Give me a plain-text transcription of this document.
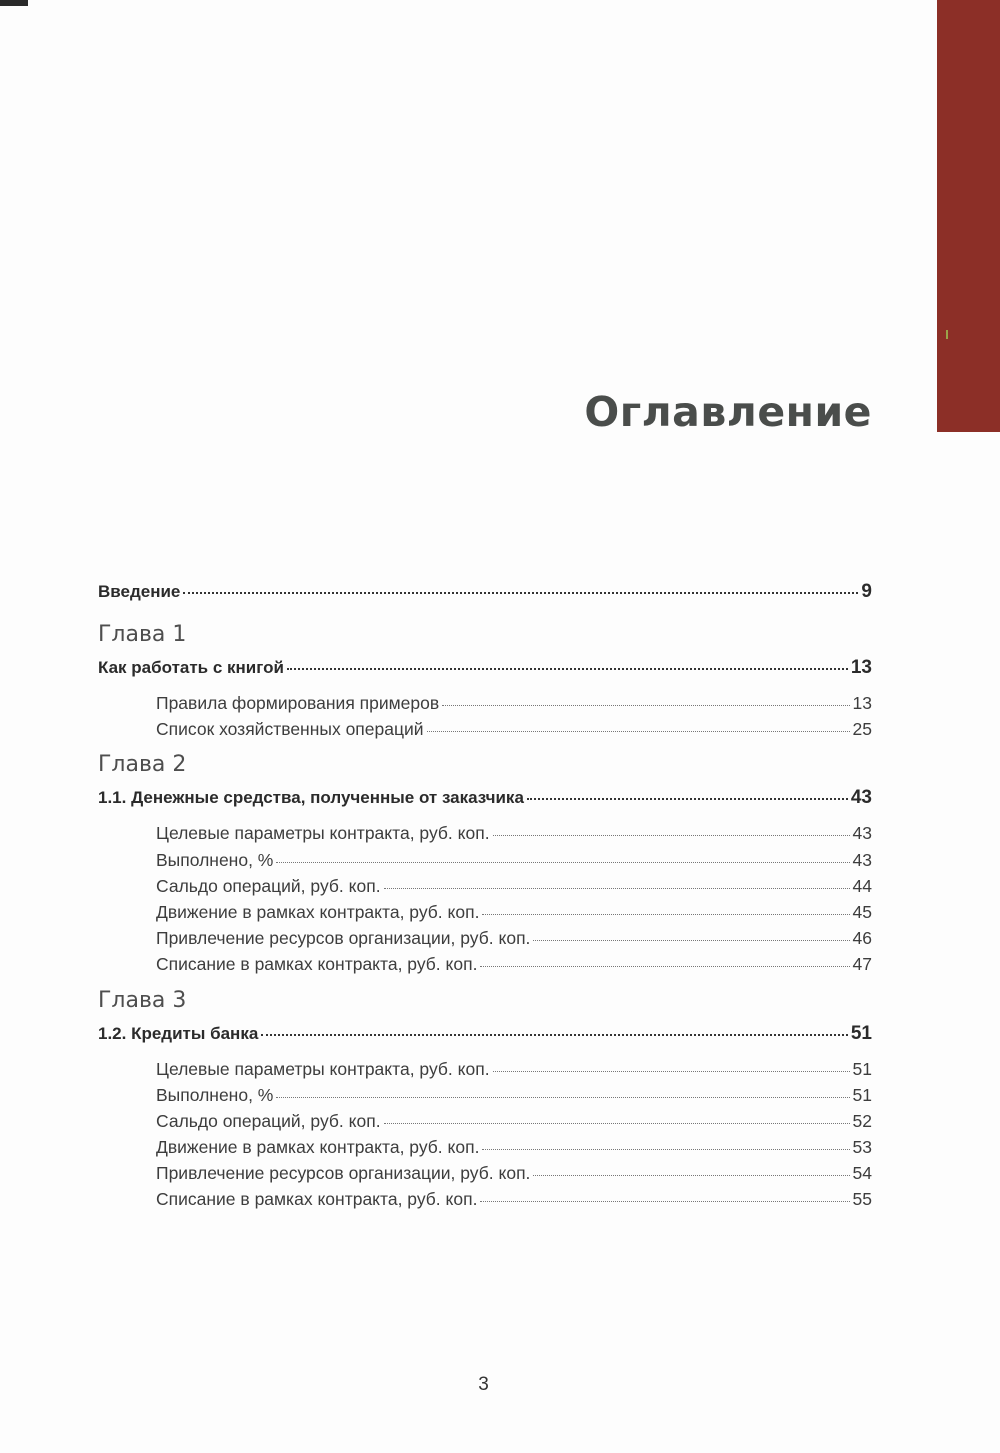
Оглавление
Введение	9
Глава 1
Как работать с книгой	13
Правила формирования примеров	13
Список хозяйственных операций	25
Глава 2
1.1. Денежные средства, полученные от заказчика	43
Целевые параметры контракта, руб. коп.	43
Выполнено, %	43
Сальдо операций, руб. коп.	44
Движение в рамках контракта, руб. коп.	45
Привлечение ресурсов организации, руб. коп.	46
Списание в рамках контракта, руб. коп.	47
Глава 3
1.2. Кредиты банка	51
Целевые параметры контракта, руб. коп.	51
Выполнено, %	51
Сальдо операций, руб. коп.	52
Движение в рамках контракта, руб. коп.	53
Привлечение ресурсов организации, руб. коп.	54
Списание в рамках контракта, руб. коп.	55
3
